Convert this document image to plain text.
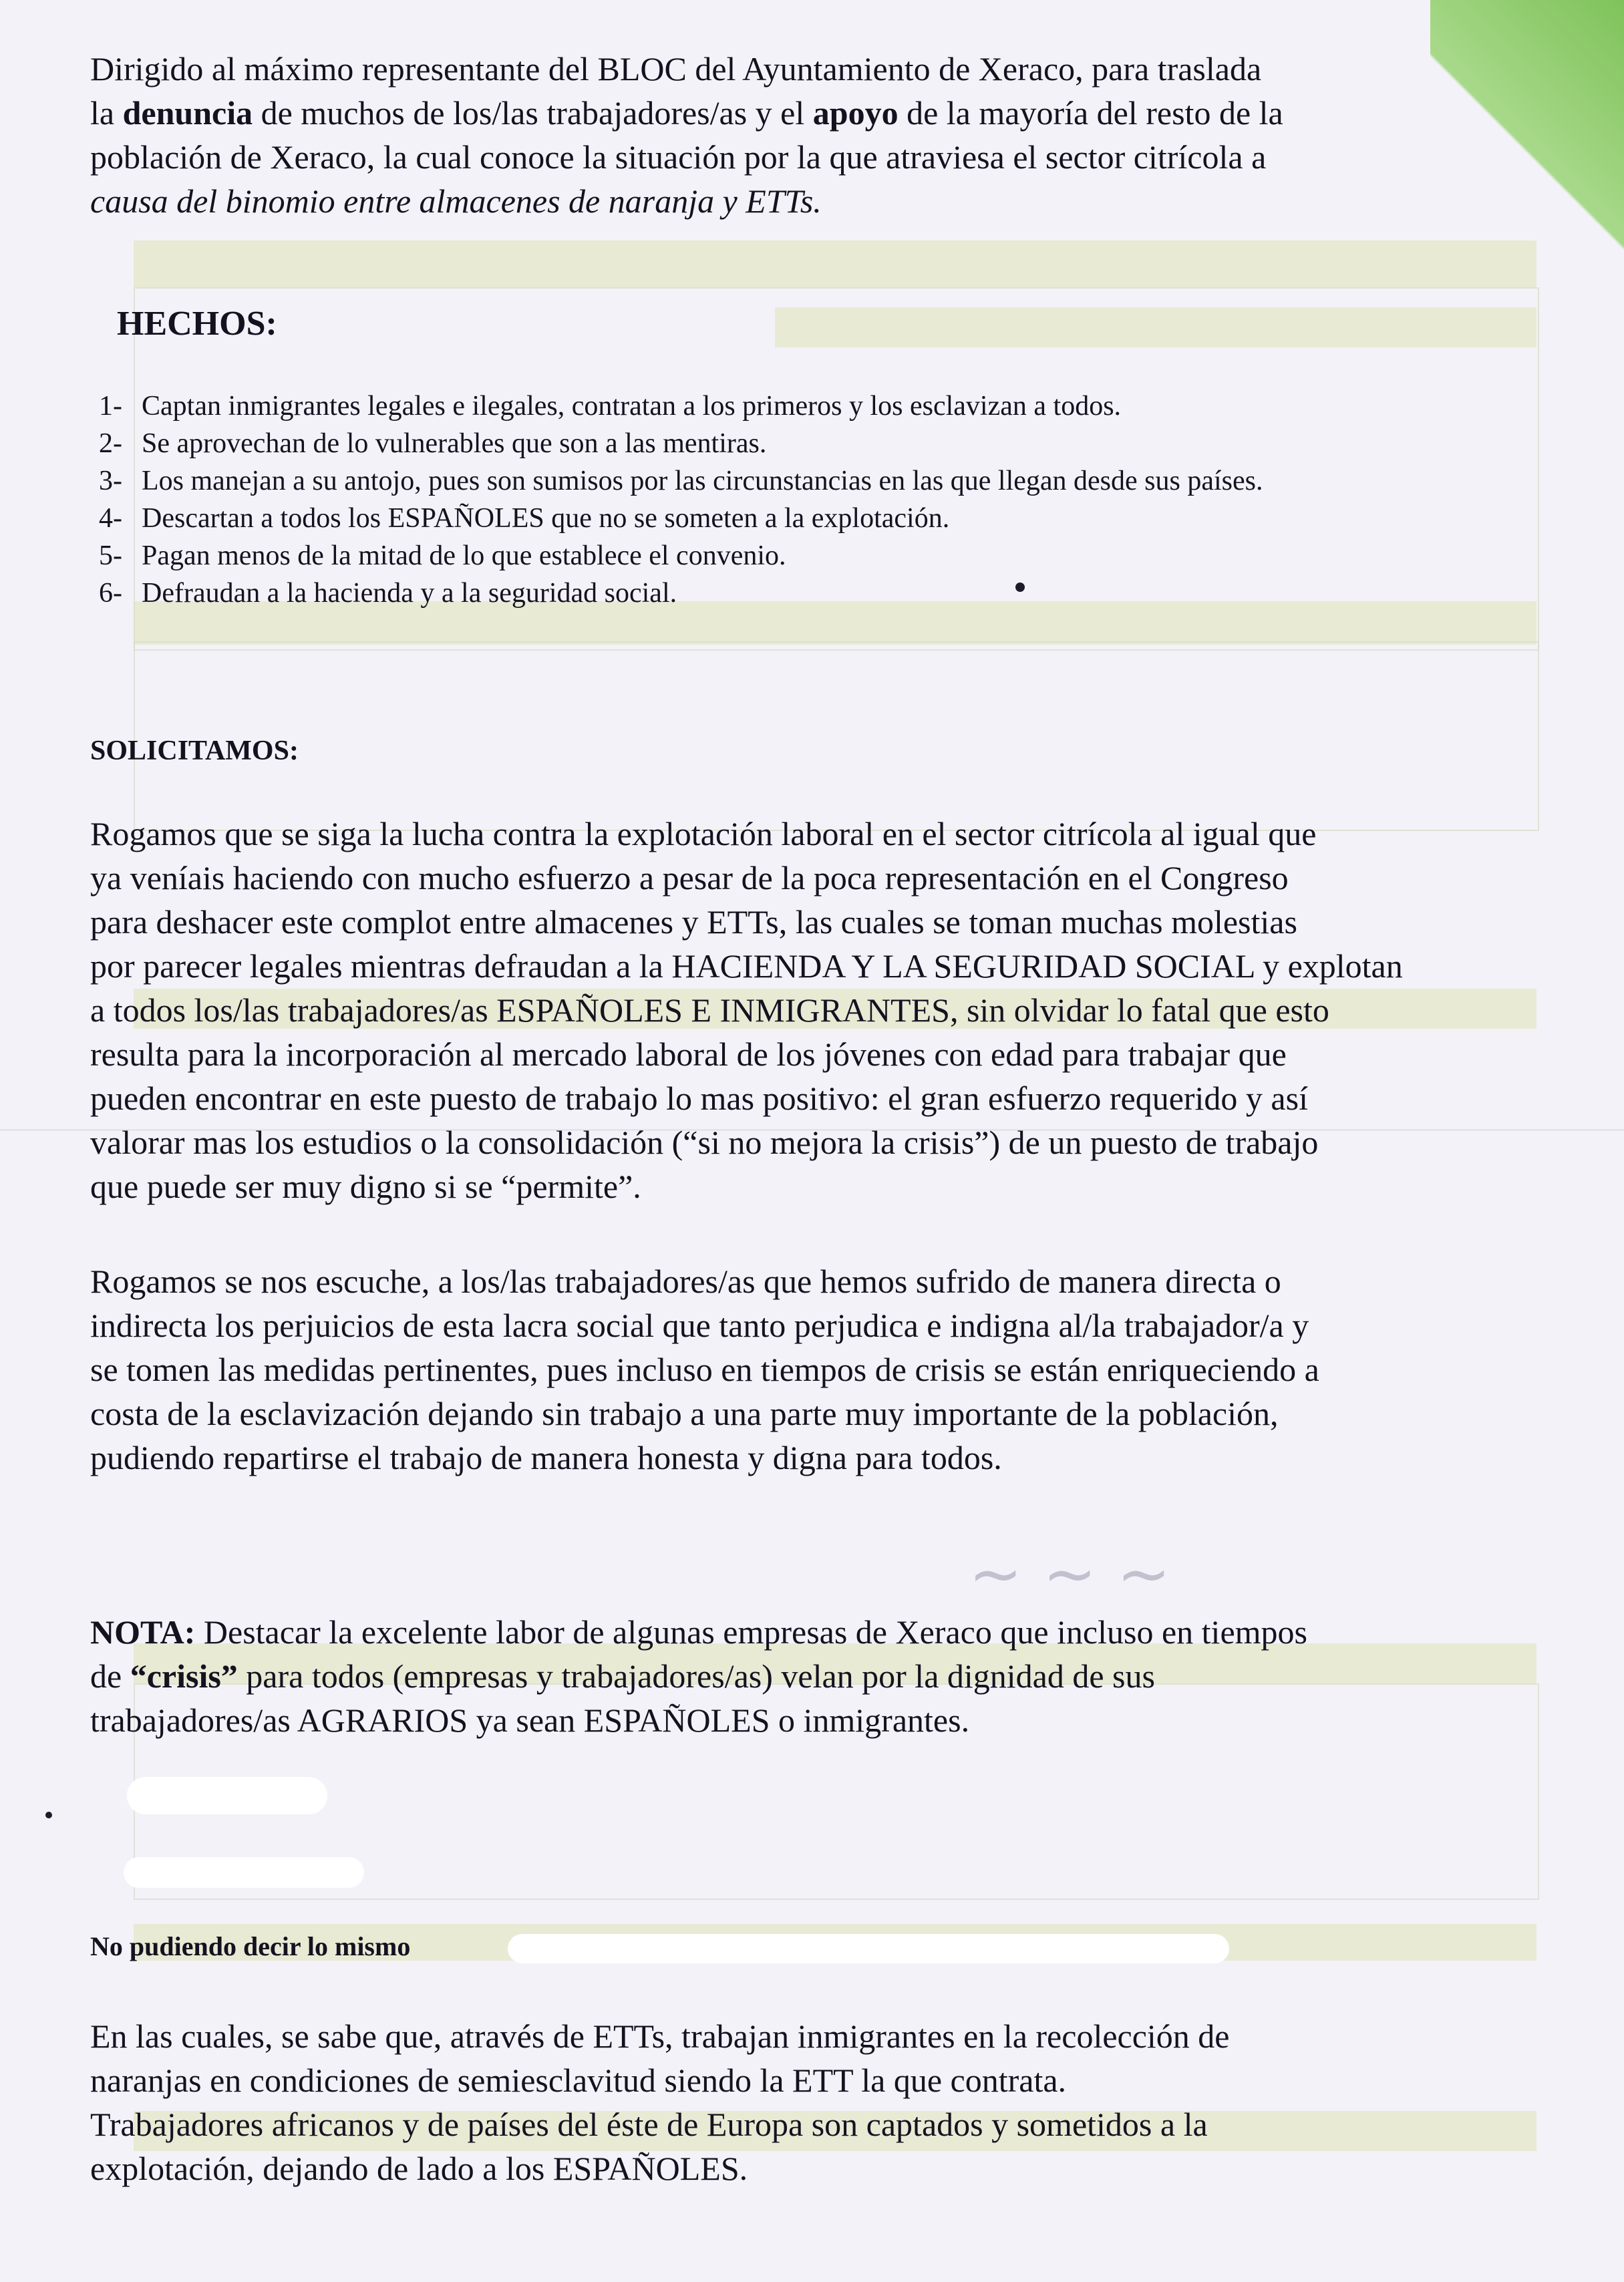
Dirigido al máximo representante del BLOC del Ayuntamiento de Xeraco, para traslada

la denuncia de muchos de los/las trabajadores/as y el apoyo de la mayoría del resto de la

población de Xeraco, la cual conoce la situación por la que atraviesa el sector citrícola a

causa del binomio entre almacenes de naranja y ETTs.

HECHOS:
1- Captan inmigrantes legales e ilegales, contratan a los primeros y los esclavizan a todos.
2- Se aprovechan de lo vulnerables que son a las mentiras.
3- Los manejan a su antojo, pues son sumisos por las circunstancias en las que llegan desde sus países.
4- Descartan a todos los ESPAÑOLES que no se someten a la explotación.
5- Pagan menos de la mitad de lo que establece el convenio.
6- Defraudan a la hacienda y a la seguridad social.
SOLICITAMOS:

Rogamos que se siga la lucha contra la explotación laboral en el sector citrícola al igual que

ya veníais haciendo con mucho esfuerzo a pesar de la poca representación en el Congreso

para deshacer este complot entre almacenes y ETTs, las cuales se toman muchas molestias

por parecer legales mientras defraudan a la HACIENDA Y LA SEGURIDAD SOCIAL y explotan

a todos los/las trabajadores/as ESPAÑOLES E INMIGRANTES, sin olvidar lo fatal que esto

resulta para la incorporación al mercado laboral de los jóvenes con edad para trabajar que

pueden encontrar en este puesto de trabajo lo mas positivo: el gran esfuerzo requerido y así

valorar mas los estudios o la consolidación (“si no mejora la crisis”) de un puesto de trabajo

que puede ser muy digno si se “permite”.

Rogamos se nos escuche, a los/las trabajadores/as que hemos sufrido de manera directa o

indirecta los perjuicios de esta lacra social que tanto perjudica e indigna al/la trabajador/a y

se tomen las medidas pertinentes, pues incluso en tiempos de crisis se están enriqueciendo a

costa de la esclavización dejando sin trabajo a una parte muy importante de la población,

pudiendo repartirse el trabajo de manera honesta y digna para todos.

~ ~ ~

NOTA: Destacar la excelente labor de algunas empresas de Xeraco que incluso en tiempos

de “crisis” para todos (empresas y trabajadores/as) velan por la dignidad de sus

trabajadores/as AGRARIOS ya sean ESPAÑOLES o inmigrantes.

No pudiendo decir lo mismo

En las cuales, se sabe que, através de ETTs, trabajan inmigrantes en la recolección de

naranjas en condiciones de semiesclavitud siendo la ETT la que contrata.

Trabajadores africanos y de países del éste de Europa son captados y sometidos a la

explotación, dejando de lado a los ESPAÑOLES.
